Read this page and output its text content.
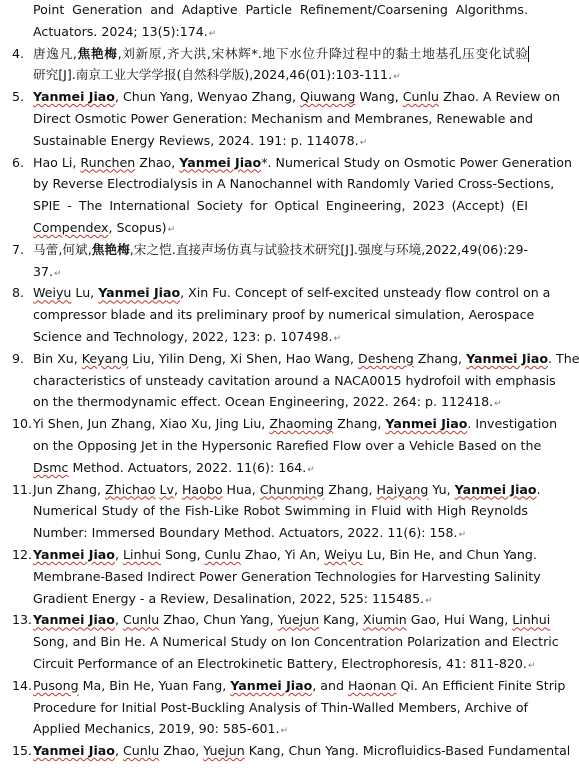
Point Generation and Adaptive Particle Refinement/Coarsening Algorithms.
Actuators. 2024; 13(5):174.↵
4. 唐逸凡,焦艳梅,刘新原,齐大洪,宋林辉*.地下水位升降过程中的黏土地基孔压变化试验
研究[J].南京工业大学学报(自然科学版),2024,46(01):103-111.↵
5. Yanmei Jiao, Chun Yang, Wenyao Zhang, Qiuwang Wang, Cunlu Zhao. A Review on
Direct Osmotic Power Generation: Mechanism and Membranes, Renewable and
Sustainable Energy Reviews, 2024. 191: p. 114078.↵
6. Hao Li, Runchen Zhao, Yanmei Jiao*. Numerical Study on Osmotic Power Generation
by Reverse Electrodialysis in A Nanochannel with Randomly Varied Cross-Sections,
SPIE - The International Society for Optical Engineering, 2023 (Accept) (EI
Compendex, Scopus)↵
7. 马蕾,何斌,焦艳梅,宋之恺.直接声场仿真与试验技术研究[J].强度与环境,2022,49(06):29-
37.↵
8. Weiyu Lu, Yanmei Jiao, Xin Fu. Concept of self-excited unsteady flow control on a
compressor blade and its preliminary proof by numerical simulation, Aerospace
Science and Technology, 2022, 123: p. 107498.↵
9. Bin Xu, Keyang Liu, Yilin Deng, Xi Shen, Hao Wang, Desheng Zhang, Yanmei Jiao. The
characteristics of unsteady cavitation around a NACA0015 hydrofoil with emphasis
on the thermodynamic effect. Ocean Engineering, 2022. 264: p. 112418.↵
10. Yi Shen, Jun Zhang, Xiao Xu, Jing Liu, Zhaoming Zhang, Yanmei Jiao. Investigation
on the Opposing Jet in the Hypersonic Rarefied Flow over a Vehicle Based on the
Dsmc Method. Actuators, 2022. 11(6): 164.↵
11. Jun Zhang, Zhichao Lv, Haobo Hua, Chunming Zhang, Haiyang Yu, Yanmei Jiao.
Numerical Study of the Fish-Like Robot Swimming in Fluid with High Reynolds
Number: Immersed Boundary Method. Actuators, 2022. 11(6): 158.↵
12. Yanmei Jiao, Linhui Song, Cunlu Zhao, Yi An, Weiyu Lu, Bin He, and Chun Yang.
Membrane-Based Indirect Power Generation Technologies for Harvesting Salinity
Gradient Energy - a Review, Desalination, 2022, 525: 115485.↵
13. Yanmei Jiao, Cunlu Zhao, Chun Yang, Yuejun Kang, Xiumin Gao, Hui Wang, Linhui
Song, and Bin He. A Numerical Study on Ion Concentration Polarization and Electric
Circuit Performance of an Electrokinetic Battery, Electrophoresis, 41: 811-820.↵
14. Pusong Ma, Bin He, Yuan Fang, Yanmei Jiao, and Haonan Qi. An Efficient Finite Strip
Procedure for Initial Post-Buckling Analysis of Thin-Walled Members, Archive of
Applied Mechanics, 2019, 90: 585-601.↵
15. Yanmei Jiao, Cunlu Zhao, Yuejun Kang, Chun Yang. Microfluidics-Based Fundamental
